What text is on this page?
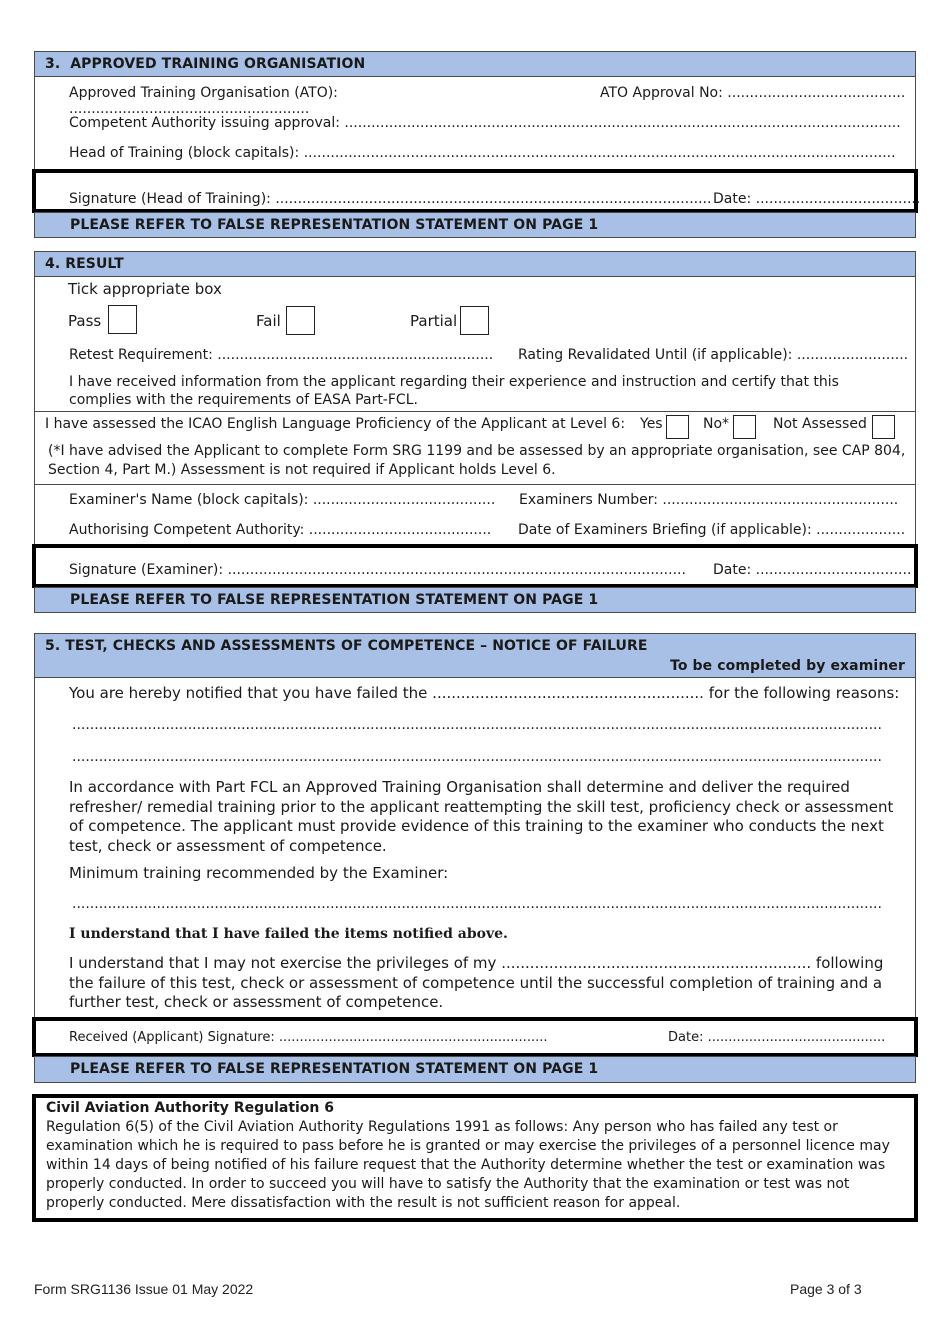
3.  APPROVED TRAINING ORGANISATION
Approved Training Organisation (ATO): ......................................................
ATO Approval No: ........................................
Competent Authority issuing approval: .............................................................................................................................
Head of Training (block capitals): .....................................................................................................................................
Signature (Head of Training): .................................................................................................. Date: .....................................
PLEASE REFER TO FALSE REPRESENTATION STATEMENT ON PAGE 1
4. RESULT
Tick appropriate box
Pass	Fail	Partial
Retest Requirement: ..............................................................	Rating Revalidated Until (if applicable): .........................
I have received information from the applicant regarding their experience and instruction and certify that this complies with the requirements of EASA Part-FCL.
I have assessed the ICAO English Language Proficiency of the Applicant at Level 6: Yes	No*	Not Assessed
(*I have advised the Applicant to complete Form SRG 1199 and be assessed by an appropriate organisation, see CAP 804, Section 4, Part M.) Assessment is not required if Applicant holds Level 6.
Examiner's Name (block capitals): ......................................... Examiners Number: .....................................................
Authorising Competent Authority: ......................................... Date of Examiners Briefing (if applicable): ....................
Signature (Examiner): ....................................................................................................... Date: ...................................
PLEASE REFER TO FALSE REPRESENTATION STATEMENT ON PAGE 1
5. TEST, CHECKS AND ASSESSMENTS OF COMPETENCE – NOTICE OF FAILURE
To be completed by examiner
You are hereby notified that you have failed the ......................................................... for the following reasons:
......................................................................................................................................................................................
......................................................................................................................................................................................
In accordance with Part FCL an Approved Training Organisation shall determine and deliver the required refresher/ remedial training prior to the applicant reattempting the skill test, proficiency check or assessment of competence. The applicant must provide evidence of this training to the examiner who conducts the next test, check or assessment of competence.
Minimum training recommended by the Examiner:
......................................................................................................................................................................................
I understand that I have failed the items notified above.
I understand that I may not exercise the privileges of my ................................................................. following the failure of this test, check or assessment of competence until the successful completion of training and a further test, check or assessment of competence.
Received (Applicant) Signature: .................................................................	Date: ...........................................
PLEASE REFER TO FALSE REPRESENTATION STATEMENT ON PAGE 1
Civil Aviation Authority Regulation 6
Regulation 6(5) of the Civil Aviation Authority Regulations 1991 as follows: Any person who has failed any test or examination which he is required to pass before he is granted or may exercise the privileges of a personnel licence may within 14 days of being notified of his failure request that the Authority determine whether the test or examination was properly conducted. In order to succeed you will have to satisfy the Authority that the examination or test was not properly conducted. Mere dissatisfaction with the result is not sufficient reason for appeal.
Form SRG1136 Issue 01 May 2022	Page 3 of 3
